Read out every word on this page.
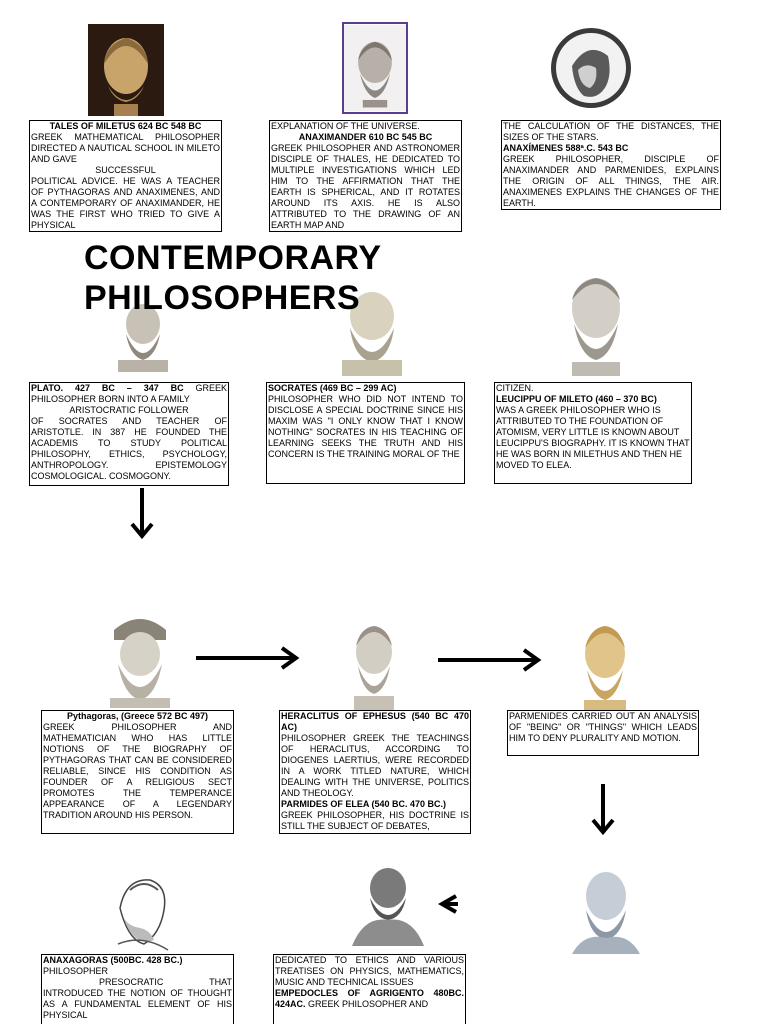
TALES OF MILETUS 624 BC 548 BC

GREEK MATHEMATICAL PHILOSOPHER DIRECTED A NAUTICAL SCHOOL IN MILETO AND GAVE

SUCCESSFUL

POLITICAL ADVICE. HE WAS A TEACHER OF PYTHAGORAS AND ANAXIMENES, AND A CONTEMPORARY OF ANAXIMANDER, HE WAS THE FIRST WHO TRIED TO GIVE A PHYSICAL

EXPLANATION OF THE UNIVERSE.

ANAXIMANDER 610 BC 545 BC

GREEK PHILOSOPHER AND ASTRONOMER DISCIPLE OF THALES, HE DEDICATED TO MULTIPLE INVESTIGATIONS WHICH LED HIM TO THE AFFIRMATION THAT THE EARTH IS SPHERICAL, AND IT ROTATES AROUND ITS AXIS. HE IS ALSO ATTRIBUTED TO THE DRAWING OF AN EARTH MAP AND

THE CALCULATION OF THE DISTANCES, THE SIZES OF THE STARS.

ANAXÍMENES 588ª.C. 543 BC

GREEK PHILOSOPHER, DISCIPLE OF ANAXIMANDER AND PARMENIDES, EXPLAINS THE ORIGIN OF ALL THINGS, THE AIR. ANAXIMENES EXPLAINS THE CHANGES OF THE EARTH.

CONTEMPORARY
PHILOSOPHERS

PLATO. 427 BC – 347 BC GREEK PHILOSOPHER BORN INTO A FAMILY

ARISTOCRATIC FOLLOWER

OF SOCRATES AND TEACHER OF ARISTOTLE. IN 387 HE FOUNDED THE ACADEMIS TO STUDY POLITICAL PHILOSOPHY, ETHICS, PSYCHOLOGY, ANTHROPOLOGY. EPISTEMOLOGY COSMOLOGICAL. COSMOGONY.

SOCRATES (469 BC – 299 AC)

PHILOSOPHER WHO DID NOT INTEND TO DISCLOSE A SPECIAL DOCTRINE SINCE HIS MAXIM WAS "I ONLY KNOW THAT I KNOW NOTHING" SOCRATES IN HIS TEACHING OF LEARNING SEEKS THE TRUTH AND HIS CONCERN IS THE TRAINING MORAL OF THE

CITIZEN.

LEUCIPPU OF MILETO (460 – 370 BC)

WAS A GREEK PHILOSOPHER WHO IS ATTRIBUTED TO THE FOUNDATION OF ATOMISM, VERY LITTLE IS KNOWN ABOUT LEUCIPPU'S BIOGRAPHY. IT IS KNOWN THAT HE WAS BORN IN MILETHUS AND THEN HE MOVED TO ELEA.

Pythagoras, (Greece 572 BC 497)

GREEK PHILOSOPHER AND MATHEMATICIAN WHO HAS LITTLE NOTIONS OF THE BIOGRAPHY OF PYTHAGORAS THAT CAN BE CONSIDERED RELIABLE, SINCE HIS CONDITION AS FOUNDER OF A RELIGIOUS SECT PROMOTES THE TEMPERANCE APPEARANCE OF A LEGENDARY TRADITION AROUND HIS PERSON.

HERACLITUS OF EPHESUS (540 BC 470 AC)

PHILOSOPHER GREEK THE TEACHINGS OF HERACLITUS, ACCORDING TO DIOGENES LAERTIUS, WERE RECORDED IN A WORK TITLED NATURE, WHICH DEALING WITH THE UNIVERSE, POLITICS AND THEOLOGY.

PARMIDES OF ELEA (540 BC. 470 BC.)

GREEK PHILOSOPHER, HIS DOCTRINE IS STILL THE SUBJECT OF DEBATES,

PARMENIDES CARRIED OUT AN ANALYSIS OF "BEING" OR "THINGS" WHICH LEADS HIM TO DENY PLURALITY AND MOTION.

ANAXAGORAS (500BC. 428 BC.)

PHILOSOPHER

PRESOCRATIC THAT INTRODUCED THE NOTION OF THOUGHT AS A FUNDAMENTAL ELEMENT OF HIS PHYSICAL

DEDICATED TO ETHICS AND VARIOUS TREATISES ON PHYSICS, MATHEMATICS, MUSIC AND TECHNICAL ISSUES

EMPEDOCLES OF AGRIGENTO 480BC. 424AC. GREEK PHILOSOPHER AND
